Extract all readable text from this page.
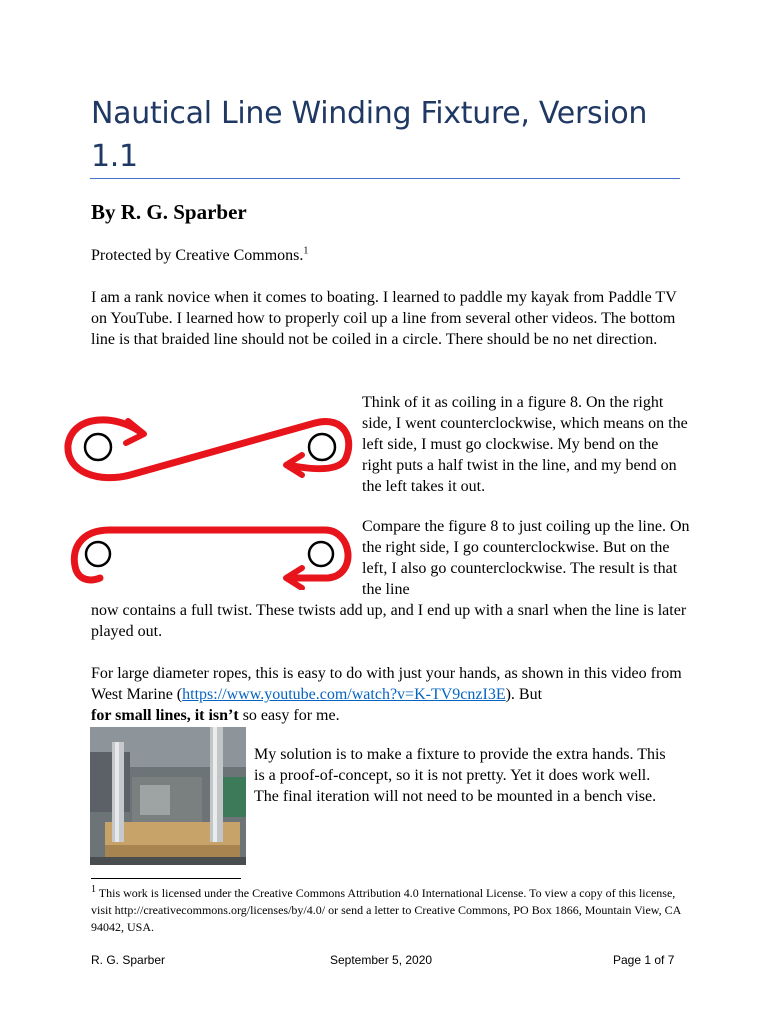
Nautical Line Winding Fixture, Version 1.1
By R. G. Sparber
Protected by Creative Commons.$^1$
I am a rank novice when it comes to boating. I learned to paddle my kayak from Paddle TV on YouTube. I learned how to properly coil up a line from several other videos. The bottom line is that braided line should not be coiled in a circle. There should be no net direction.
Think of it as coiling in a figure 8. On the right side, I went counterclockwise, which means on the left side, I must go clockwise. My bend on the right puts a half twist in the line, and my bend on the left takes it out.
Compare the figure 8 to just coiling up the line. On the right side, I go counterclockwise. But on the left, I also go counterclockwise. The result is that the line
now contains a full twist. These twists add up, and I end up with a snarl when the line is later played out.
For large diameter ropes, this is easy to do with just your hands, as shown in this video from West Marine (https://www.youtube.com/watch?v=K-TV9cnzI3E). But
for small lines, it isn’t so easy for me.
My solution is to make a fixture to provide the extra hands. This is a proof-of-concept, so it is not pretty. Yet it does work well. The final iteration will not need to be mounted in a bench vise.
$^1$ This work is licensed under the Creative Commons Attribution 4.0 International License. To view a copy of this license, visit http://creativecommons.org/licenses/by/4.0/ or send a letter to Creative Commons, PO Box 1866, Mountain View, CA 94042, USA.
R. G. Sparber	September 5, 2020	Page 1 of 7
